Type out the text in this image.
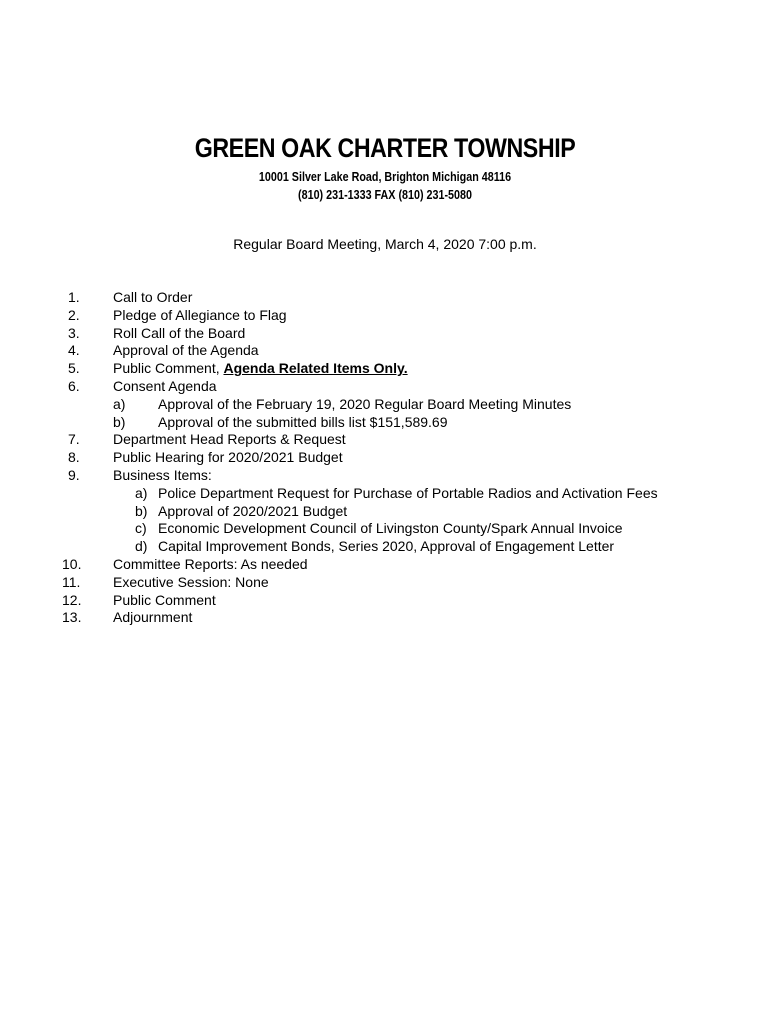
GREEN OAK CHARTER TOWNSHIP

10001 Silver Lake Road, Brighton Michigan 48116

(810) 231-1333 FAX (810) 231-5080

Regular Board Meeting, March 4, 2020 7:00 p.m.
1. Call to Order
2. Pledge of Allegiance to Flag
3. Roll Call of the Board
4. Approval of the Agenda
5. Public Comment, Agenda Related Items Only.
6. Consent Agenda
a) Approval of the February 19, 2020 Regular Board Meeting Minutes
b) Approval of the submitted bills list $151,589.69
7. Department Head Reports & Request
8. Public Hearing for 2020/2021 Budget
9. Business Items:
a) Police Department Request for Purchase of Portable Radios and Activation Fees
b) Approval of 2020/2021 Budget
c) Economic Development Council of Livingston County/Spark Annual Invoice
d) Capital Improvement Bonds, Series 2020, Approval of Engagement Letter
10. Committee Reports: As needed
11. Executive Session: None
12. Public Comment
13. Adjournment
